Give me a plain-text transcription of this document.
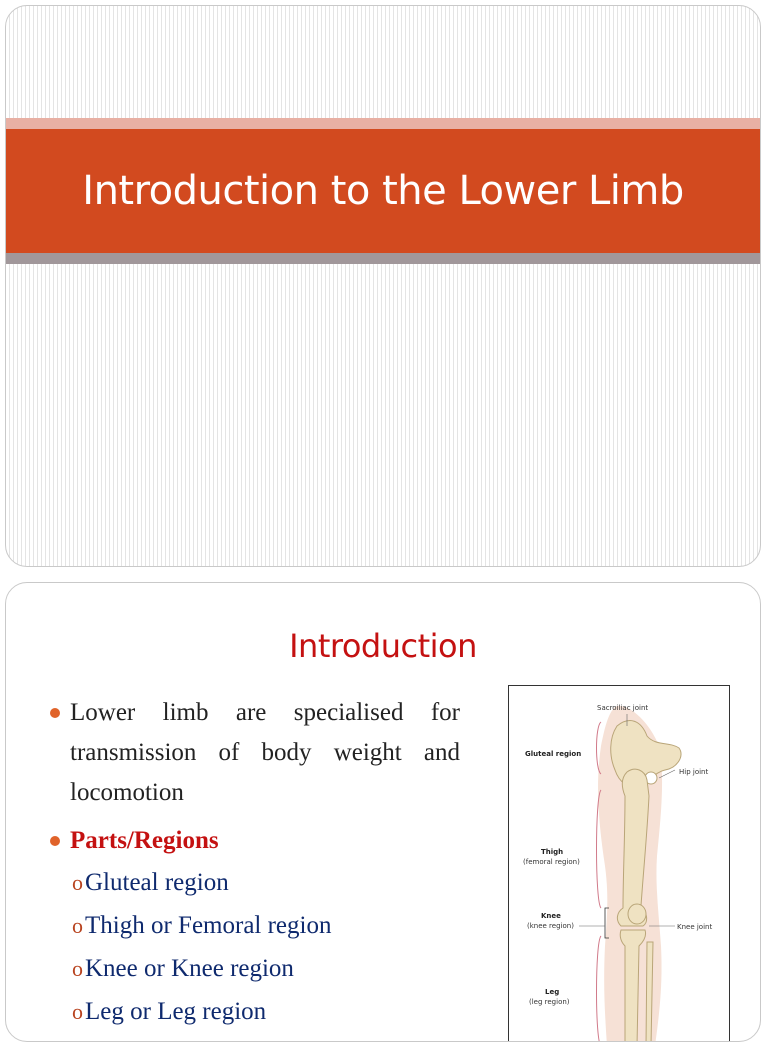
Introduction to the Lower Limb
Introduction
Lower limb are specialised for transmission of body weight and locomotion
Parts/Regions
oGluteal region
oThigh or Femoral region
oKnee or Knee region
oLeg or Leg region
Sacroiliac joint
Gluteal region
Hip joint
Thigh
(femoral region)
Knee
(knee region)	Knee joint
Leg
(leg region)
